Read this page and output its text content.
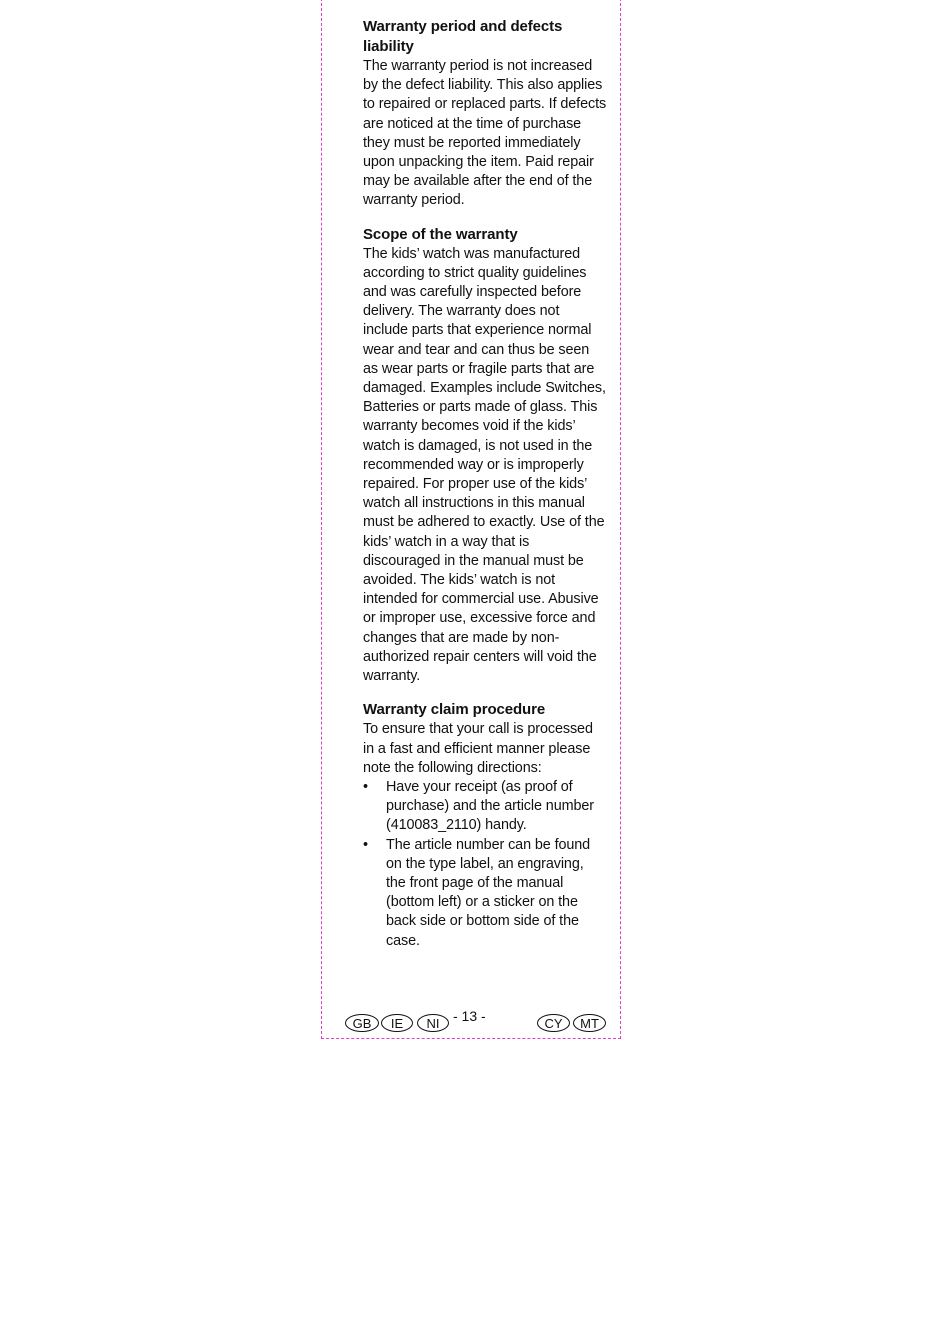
Warranty period and defects liability

The warranty period is not increased by the defect liability. This also applies to repaired or replaced parts. If defects are noticed at the time of purchase they must be reported immediately upon unpacking the item. Paid repair may be available after the end of the warranty period.

Scope of the warranty

The kids’ watch was manufactured according to strict quality guidelines and was carefully inspected before delivery. The warranty does not include parts that experience normal wear and tear and can thus be seen as wear parts or fragile parts that are damaged. Examples include Switches, Batteries or parts made of glass. This warranty becomes void if the kids’ watch is damaged, is not used in the recommended way or is improperly repaired. For proper use of the kids’ watch all instructions in this manual must be adhered to exactly. Use of the kids’ watch in a way that is discouraged in the manual must be avoided. The kids’ watch is not intended for commercial use. Abusive or improper use, excessive force and changes that are made by non-authorized repair centers will void the warranty.

Warranty claim procedure

To ensure that your call is processed in a fast and efficient manner please note the following directions:

• Have your receipt (as proof of purchase) and the article number (410083_2110) handy.
• The article number can be found on the type label, an engraving, the front page of the manual (bottom left) or a sticker on the back side or bottom side of the case.
GB	IE	NI - 13 -	CY	MT
